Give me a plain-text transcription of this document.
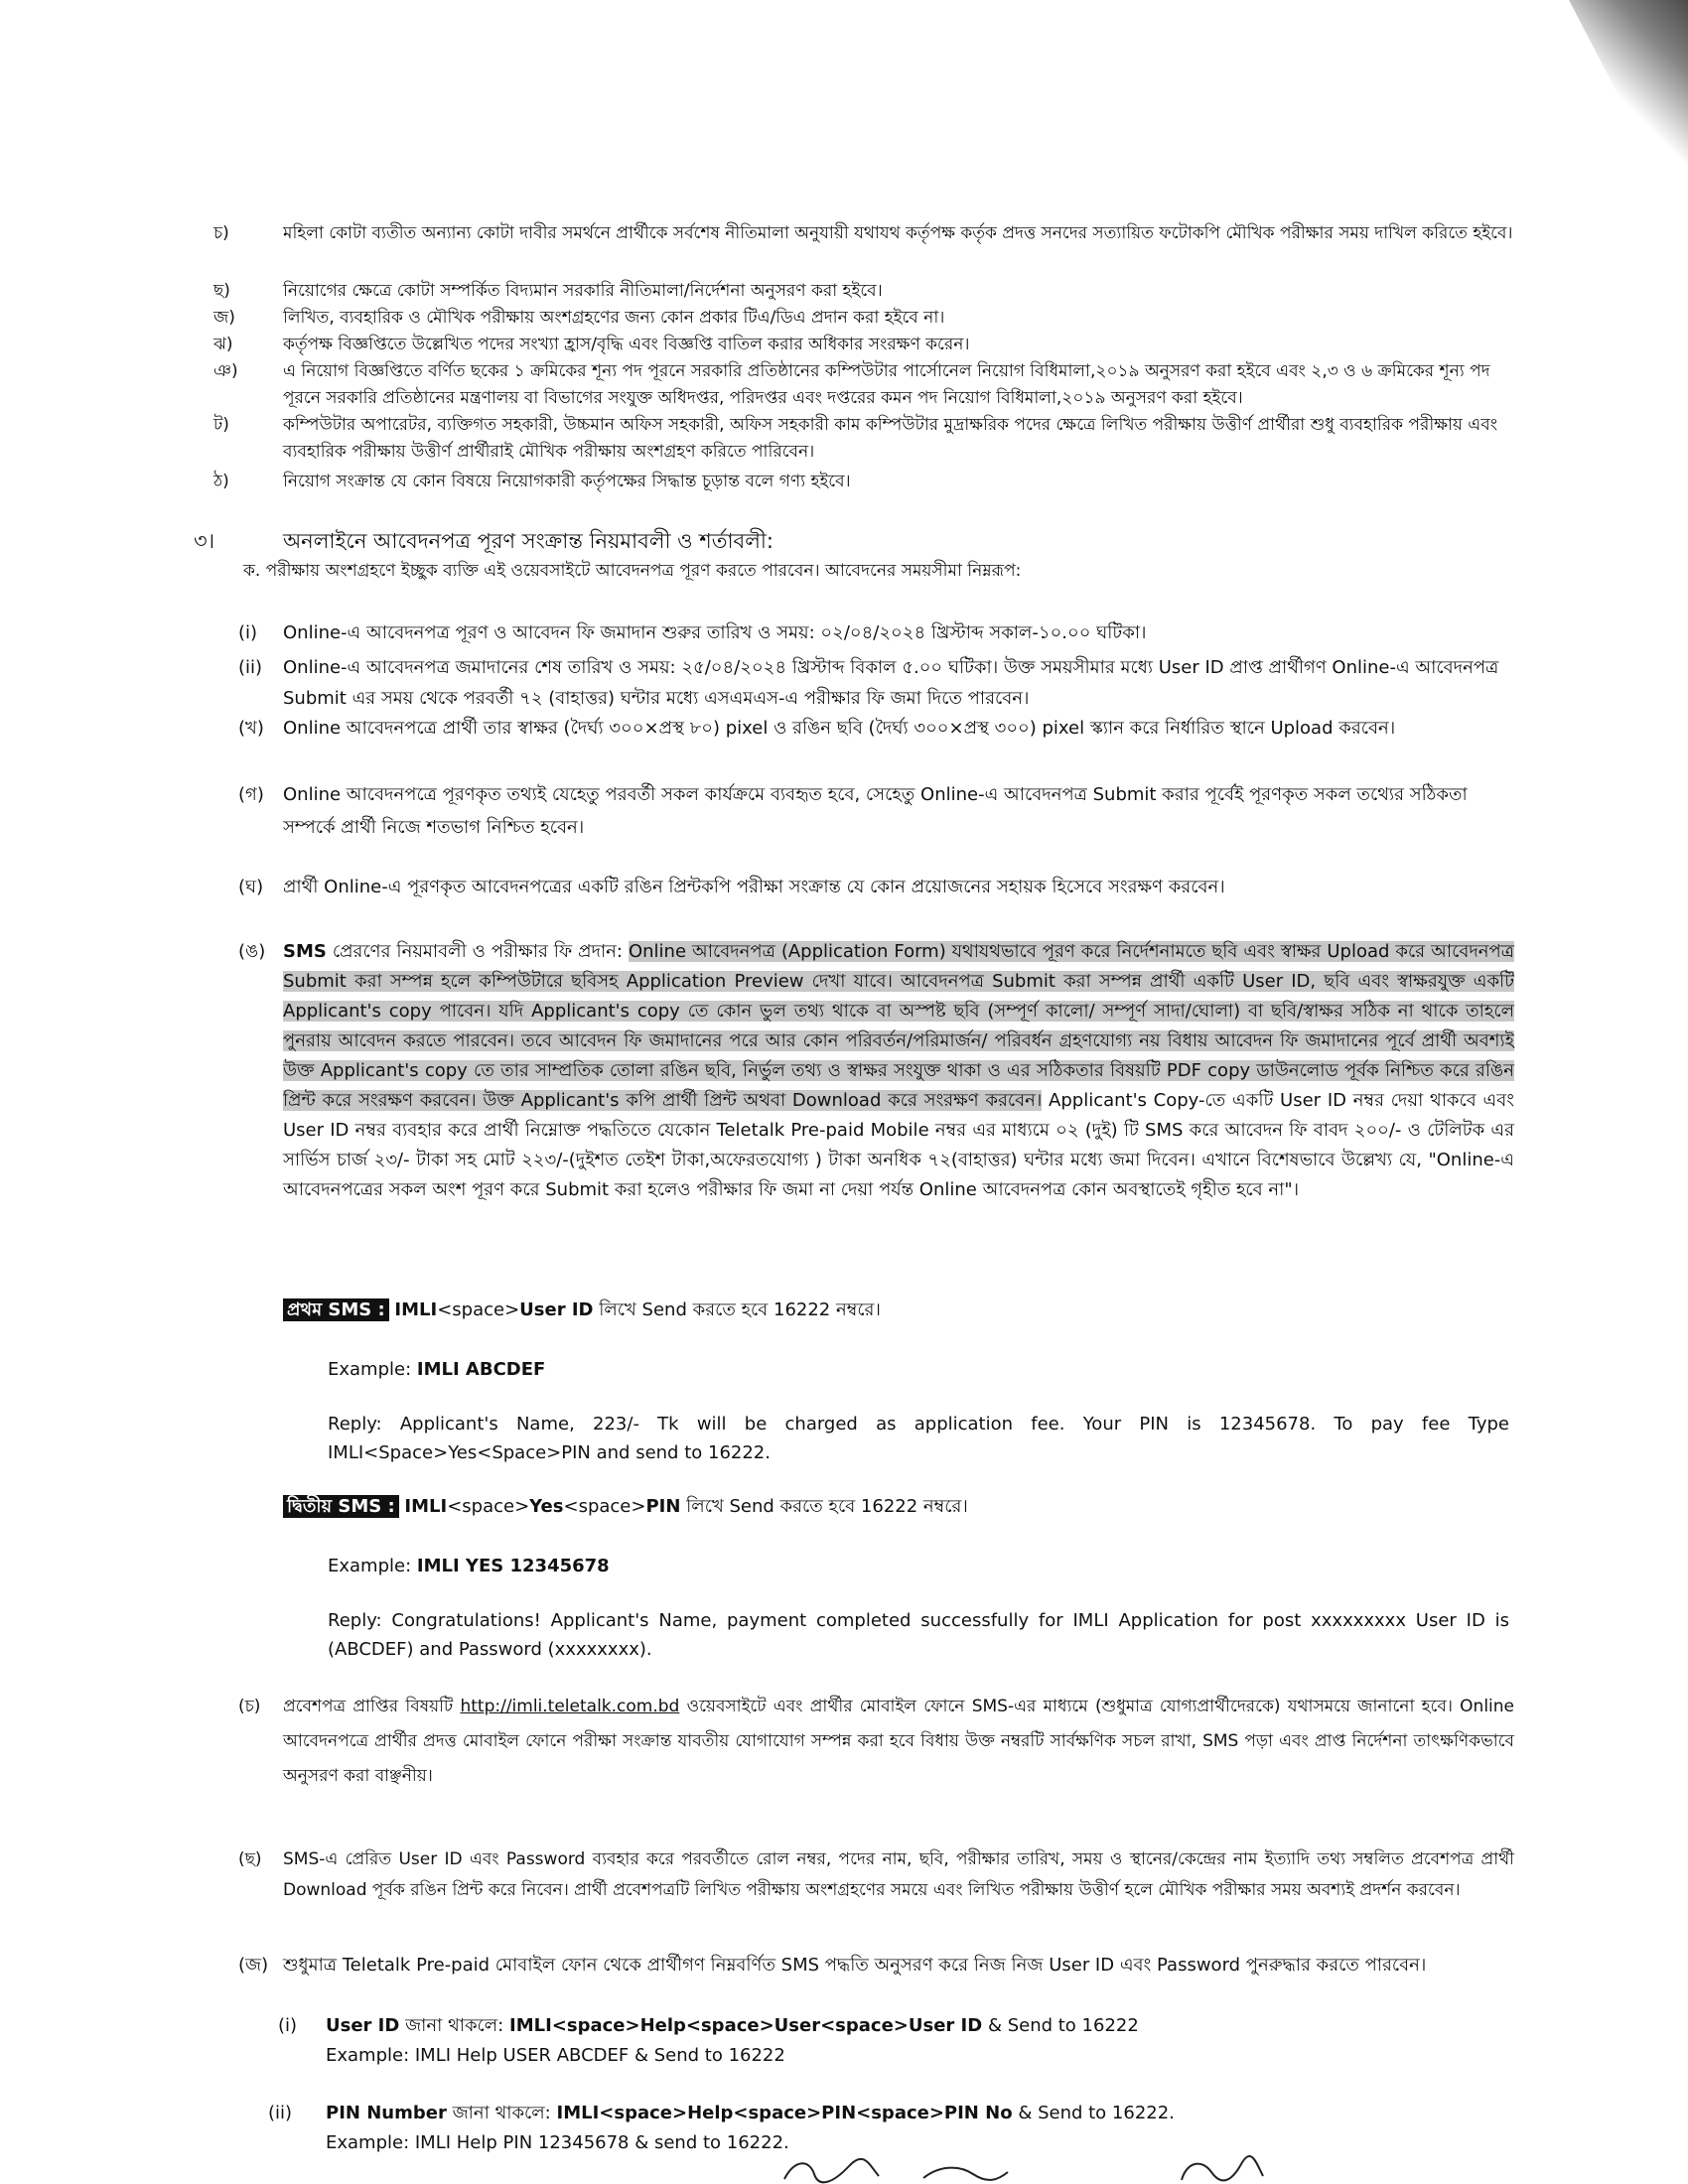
চ)	মহিলা কোটা ব্যতীত অন্যান্য কোটা দাবীর সমর্থনে প্রার্থীকে সর্বশেষ নীতিমালা অনুযায়ী যথাযথ কর্তৃপক্ষ কর্তৃক প্রদত্ত সনদের সত্যায়িত ফটোকপি মৌখিক পরীক্ষার সময় দাখিল করিতে হইবে।
ছ)	নিয়োগের ক্ষেত্রে কোটা সম্পর্কিত বিদ্যমান সরকারি নীতিমালা/নির্দেশনা অনুসরণ করা হইবে।
জ)	লিখিত, ব্যবহারিক ও মৌখিক পরীক্ষায় অংশগ্রহণের জন্য কোন প্রকার টিএ/ডিএ প্রদান করা হইবে না।
ঝ)	কর্তৃপক্ষ বিজ্ঞপ্তিতে উল্লেখিত পদের সংখ্যা হ্রাস/বৃদ্ধি এবং বিজ্ঞপ্তি বাতিল করার অধিকার সংরক্ষণ করেন।
ঞ)	এ নিয়োগ বিজ্ঞপ্তিতে বর্ণিত ছকের ১ ক্রমিকের শূন্য পদ পূরনে সরকারি প্রতিষ্ঠানের কম্পিউটার পার্সোনেল নিয়োগ বিধিমালা,২০১৯ অনুসরণ করা হইবে এবং ২,৩ ও ৬ ক্রমিকের শূন্য পদ পূরনে সরকারি প্রতিষ্ঠানের মন্ত্রণালয় বা বিভাগের সংযুক্ত অধিদপ্তর, পরিদপ্তর এবং দপ্তরের কমন পদ নিয়োগ বিধিমালা,২০১৯ অনুসরণ করা হইবে।
ট)	কম্পিউটার অপারেটর, ব্যক্তিগত সহকারী, উচ্চমান অফিস সহকারী, অফিস সহকারী কাম কম্পিউটার মুদ্রাক্ষরিক পদের ক্ষেত্রে লিখিত পরীক্ষায় উত্তীর্ণ প্রার্থীরা শুধু ব্যবহারিক পরীক্ষায় এবং ব্যবহারিক পরীক্ষায় উত্তীর্ণ প্রার্থীরাই মৌখিক পরীক্ষায় অংশগ্রহণ করিতে পারিবেন।
ঠ)	নিয়োগ সংক্রান্ত যে কোন বিষয়ে নিয়োগকারী কর্তৃপক্ষের সিদ্ধান্ত চূড়ান্ত বলে গণ্য হইবে।
৩।	অনলাইনে আবেদনপত্র পূরণ সংক্রান্ত নিয়মাবলী ও শর্তাবলী:
ক. পরীক্ষায় অংশগ্রহণে ইচ্ছুক ব্যক্তি এই ওয়েবসাইটে আবেদনপত্র পূরণ করতে পারবেন। আবেদনের সময়সীমা নিম্নরূপ:
(i)	Online-এ আবেদনপত্র পূরণ ও আবেদন ফি জমাদান শুরুর তারিখ ও সময়: ০২/০৪/২০২৪ খ্রিস্টাব্দ সকাল-১০.০০ ঘটিকা।
(ii)	Online-এ আবেদনপত্র জমাদানের শেষ তারিখ ও সময়: ২৫/০৪/২০২৪ খ্রিস্টাব্দ বিকাল ৫.০০ ঘটিকা। উক্ত সময়সীমার মধ্যে User ID প্রাপ্ত প্রার্থীগণ Online-এ আবেদনপত্র Submit এর সময় থেকে পরবর্তী ৭২ (বাহাত্তর) ঘন্টার মধ্যে এসএমএস-এ পরীক্ষার ফি জমা দিতে পারবেন।
(খ)	Online আবেদনপত্রে প্রার্থী তার স্বাক্ষর (দৈর্ঘ্য ৩০০×প্রস্থ ৮০) pixel ও রঙিন ছবি (দৈর্ঘ্য ৩০০×প্রস্থ ৩০০) pixel স্ক্যান করে নির্ধারিত স্থানে Upload করবেন।
(গ)	Online আবেদনপত্রে পূরণকৃত তথ্যই যেহেতু পরবর্তী সকল কার্যক্রমে ব্যবহৃত হবে, সেহেতু Online-এ আবেদনপত্র Submit করার পূর্বেই পূরণকৃত সকল তথ্যের সঠিকতা সম্পর্কে প্রার্থী নিজে শতভাগ নিশ্চিত হবেন।
(ঘ)	প্রার্থী Online-এ পূরণকৃত আবেদনপত্রের একটি রঙিন প্রিন্টকপি পরীক্ষা সংক্রান্ত যে কোন প্রয়োজনের সহায়ক হিসেবে সংরক্ষণ করবেন।
(ঙ) SMS প্রেরণের নিয়মাবলী ও পরীক্ষার ফি প্রদান: Online আবেদনপত্র (Application Form) যথাযথভাবে পূরণ করে নির্দেশনামতে ছবি এবং স্বাক্ষর Upload করে আবেদনপত্র Submit করা সম্পন্ন হলে কম্পিউটারে ছবিসহ Application Preview দেখা যাবে। আবেদনপত্র Submit করা সম্পন্ন প্রার্থী একটি User ID, ছবি এবং স্বাক্ষরযুক্ত একটি Applicant's copy পাবেন। যদি Applicant's copy তে কোন ভুল তথ্য থাকে বা অস্পষ্ট ছবি (সম্পূর্ণ কালো/ সম্পূর্ণ সাদা/ঘোলা) বা ছবি/স্বাক্ষর সঠিক না থাকে তাহলে পুনরায় আবেদন করতে পারবেন। তবে আবেদন ফি জমাদানের পরে আর কোন পরিবর্তন/পরিমার্জন/ পরিবর্ধন গ্রহণযোগ্য নয় বিধায় আবেদন ফি জমাদানের পূর্বে প্রার্থী অবশ্যই উক্ত Applicant's copy তে তার সাম্প্রতিক তোলা রঙিন ছবি, নির্ভুল তথ্য ও স্বাক্ষর সংযুক্ত থাকা ও এর সঠিকতার বিষয়টি PDF copy ডাউনলোড পূর্বক নিশ্চিত করে রঙিন প্রিন্ট করে সংরক্ষণ করবেন। উক্ত Applicant's কপি প্রার্থী প্রিন্ট অথবা Download করে সংরক্ষণ করবেন। Applicant's Copy-তে একটি User ID নম্বর দেয়া থাকবে এবং User ID নম্বর ব্যবহার করে প্রার্থী নিম্নোক্ত পদ্ধতিতে যেকোন Teletalk Pre-paid Mobile নম্বর এর মাধ্যমে ০২ (দুই) টি SMS করে আবেদন ফি বাবদ ২০০/- ও টেলিটক এর সার্ভিস চার্জ ২৩/- টাকা সহ মোট ২২৩/-(দুইশত তেইশ টাকা,অফেরতযোগ্য ) টাকা অনধিক ৭২(বাহাত্তর) ঘন্টার মধ্যে জমা দিবেন। এখানে বিশেষভাবে উল্লেখ্য যে, "Online-এ আবেদনপত্রের সকল অংশ পূরণ করে Submit করা হলেও পরীক্ষার ফি জমা না দেয়া পর্যন্ত Online আবেদনপত্র কোন অবস্থাতেই গৃহীত হবে না"।
প্রথম SMS : IMLI<space>User ID লিখে Send করতে হবে 16222 নম্বরে।
Example: IMLI ABCDEF
Reply: Applicant's Name, 223/- Tk will be charged as application fee. Your PIN is 12345678. To pay fee Type IMLI<Space>Yes<Space>PIN and send to 16222.
দ্বিতীয় SMS : IMLI<space>Yes<space>PIN লিখে Send করতে হবে 16222 নম্বরে।
Example: IMLI YES 12345678
Reply: Congratulations! Applicant's Name, payment completed successfully for IMLI Application for post xxxxxxxxx User ID is (ABCDEF) and Password (xxxxxxxx).
(চ)	প্রবেশপত্র প্রাপ্তির বিষয়টি http://imli.teletalk.com.bd ওয়েবসাইটে এবং প্রার্থীর মোবাইল ফোনে SMS-এর মাধ্যমে (শুধুমাত্র যোগ্যপ্রার্থীদেরকে) যথাসময়ে জানানো হবে। Online আবেদনপত্রে প্রার্থীর প্রদত্ত মোবাইল ফোনে পরীক্ষা সংক্রান্ত যাবতীয় যোগাযোগ সম্পন্ন করা হবে বিধায় উক্ত নম্বরটি সার্বক্ষণিক সচল রাখা, SMS পড়া এবং প্রাপ্ত নির্দেশনা তাৎক্ষণিকভাবে অনুসরণ করা বাঞ্ছনীয়।
(ছ)	SMS-এ প্রেরিত User ID এবং Password ব্যবহার করে পরবর্তীতে রোল নম্বর, পদের নাম, ছবি, পরীক্ষার তারিখ, সময় ও স্থানের/কেন্দ্রের নাম ইত্যাদি তথ্য সম্বলিত প্রবেশপত্র প্রার্থী Download পূর্বক রঙিন প্রিন্ট করে নিবেন। প্রার্থী প্রবেশপত্রটি লিখিত পরীক্ষায় অংশগ্রহণের সময়ে এবং লিখিত পরীক্ষায় উত্তীর্ণ হলে মৌখিক পরীক্ষার সময় অবশ্যই প্রদর্শন করবেন।
(জ) শুধুমাত্র Teletalk Pre-paid মোবাইল ফোন থেকে প্রার্থীগণ নিম্নবর্ণিত SMS পদ্ধতি অনুসরণ করে নিজ নিজ User ID এবং Password পুনরুদ্ধার করতে পারবেন।
(i)	User ID জানা থাকলে: IMLI<space>Help<space>User<space>User ID & Send to 16222
Example: IMLI Help USER ABCDEF & Send to 16222
(ii)	PIN Number জানা থাকলে: IMLI<space>Help<space>PIN<space>PIN No & Send to 16222.
Example: IMLI Help PIN 12345678 & send to 16222.
